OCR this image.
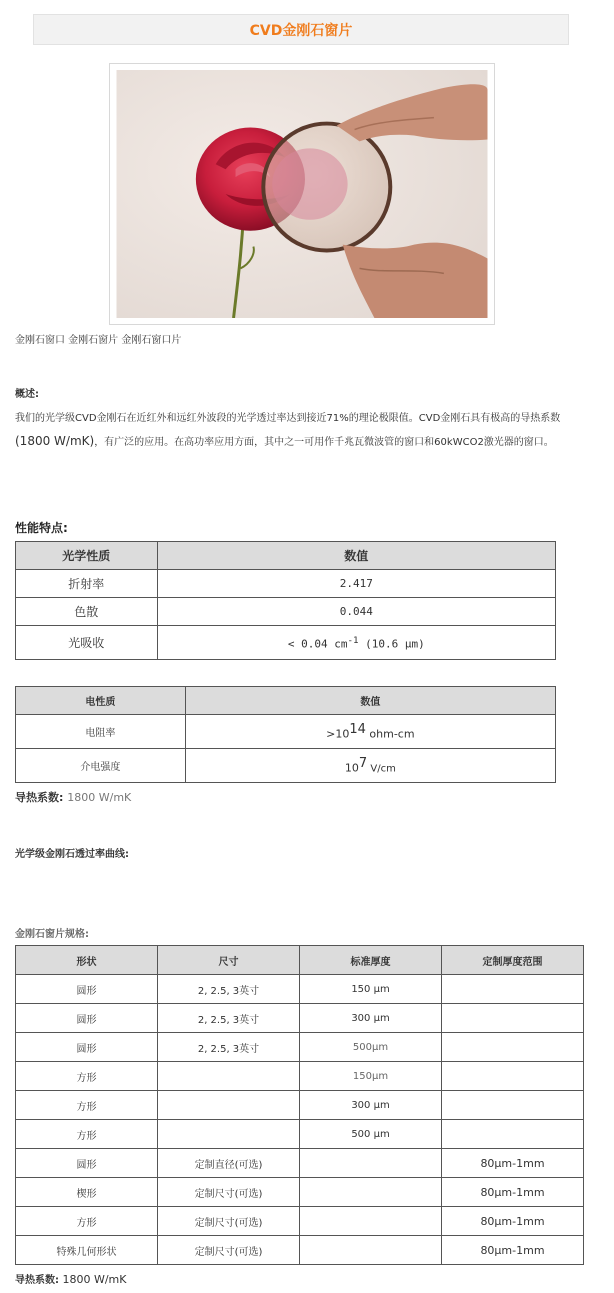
CVD金刚石窗片
金刚石窗口 金刚石窗片 金刚石窗口片
概述:
我们的光学级CVD金刚石在近红外和远红外波段的光学透过率达到接近71%的理论极限值。CVD金刚石具有极高的导热系数(1800 W/mK)，有广泛的应用。在高功率应用方面，其中之一可用作千兆瓦微波管的窗口和60kWCO2激光器的窗口。
性能特点:
光学性质	数值
折射率	2.417
色散	0.044
光吸收	< 0.04 $cm^{-1}$ (10.6 μm)
电性质	数值
电阻率	$>10^{14}$ ohm-cm
介电强度	$10^7$ V/cm
导热系数: 1800 W/mK
光学级金刚石透过率曲线:
金刚石窗片规格:
形状	尺寸	标准厚度	定制厚度范围
圆形	2, 2.5, 3英寸	150 μm	
圆形	2, 2.5, 3英寸	300 μm	
圆形	2, 2.5, 3英寸	500μm	
方形		150μm	
方形		300 μm	
方形		500 μm	
圆形	定制直径(可选)		80μm-1mm
楔形	定制尺寸(可选)		80μm-1mm
方形	定制尺寸(可选)		80μm-1mm
特殊几何形状	定制尺寸(可选)		80μm-1mm
导热系数: 1800 W/mK
